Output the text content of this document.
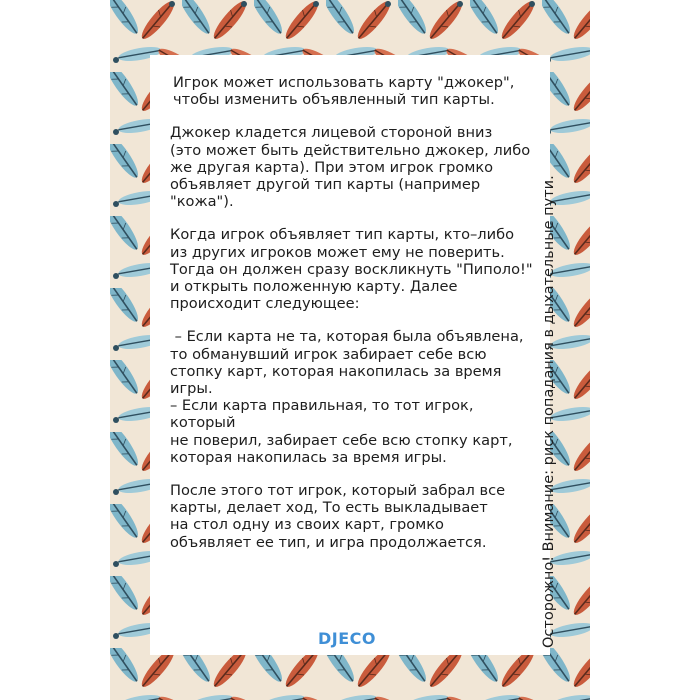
Игрок может использовать карту "джокер",
чтобы изменить объявленный тип карты.

Джокер кладется лицевой стороной вниз
(это может быть действительно джокер, либо
же другая карта). При этом игрок громко
объявляет другой тип карты (например
"кожа").

Когда игрок объявляет тип карты, кто–либо
из других игроков может ему не поверить.
Тогда он должен сразу воскликнуть "Пиполо!"
и открыть положенную карту. Далее
происходит следующее:

– Если карта не та, которая была объявлена,
то обманувший игрок забирает себе всю
стопку карт, которая накопилась за время
игры.
– Если карта правильная, то тот игрок,
который
не поверил, забирает себе всю стопку карт,
которая накопилась за время игры.

После этого тот игрок, который забрал все
карты, делает ход, То есть выкладывает
на стол одну из своих карт, громко
объявляет ее тип, и игра продолжается.	Осторожно! Внимание: риск попадания в дыхательные пути.
DJECO
